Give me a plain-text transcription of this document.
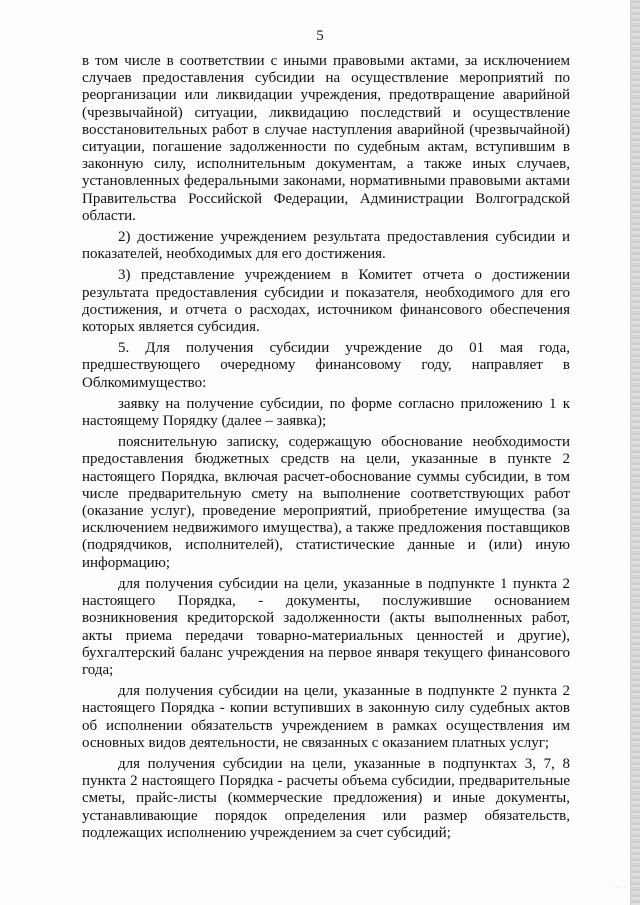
5

в том числе в соответствии с иными правовыми актами, за исключением случаев предоставления субсидии на осуществление мероприятий по реорганизации или ликвидации учреждения, предотвращение аварийной (чрезвычайной) ситуации, ликвидацию последствий и осуществление восстановительных работ в случае наступления аварийной (чрезвычайной) ситуации, погашение задолженности по судебным актам, вступившим в законную силу, исполнительным документам, а также иных случаев, установленных федеральными законами, нормативными правовыми актами Правительства Российской Федерации, Администрации Волгоградской области.

2) достижение учреждением результата предоставления субсидии и показателей, необходимых для его достижения.

3) представление учреждением в Комитет отчета о достижении результата предоставления субсидии и показателя, необходимого для его достижения, и отчета о расходах, источником финансового обеспечения которых является субсидия.

5. Для получения субсидии учреждение до 01 мая года, предшествующего очередному финансовому году, направляет в Облкомимущество:

заявку на получение субсидии, по форме согласно приложению 1 к настоящему Порядку (далее – заявка);

пояснительную записку, содержащую обоснование необходимости предоставления бюджетных средств на цели, указанные в пункте 2 настоящего Порядка, включая расчет-обоснование суммы субсидии, в том числе предварительную смету на выполнение соответствующих работ (оказание услуг), проведение мероприятий, приобретение имущества (за исключением недвижимого имущества), а также предложения поставщиков (подрядчиков, исполнителей), статистические данные и (или) иную информацию;

для получения субсидии на цели, указанные в подпункте 1 пункта 2 настоящего Порядка, - документы, послужившие основанием возникновения кредиторской задолженности (акты выполненных работ, акты приема передачи товарно-материальных ценностей и другие), бухгалтерский баланс учреждения на первое января текущего финансового года;

для получения субсидии на цели, указанные в подпункте 2 пункта 2 настоящего Порядка - копии вступивших в законную силу судебных актов об исполнении обязательств учреждением в рамках осуществления им основных видов деятельности, не связанных с оказанием платных услуг;

для получения субсидии на цели, указанные в подпунктах 3, 7, 8 пункта 2 настоящего Порядка - расчеты объема субсидии, предварительные сметы, прайс-листы (коммерческие предложения) и иные документы, устанавливающие порядок определения или размер обязательств, подлежащих исполнению учреждением за счет субсидий;

· · · ·
